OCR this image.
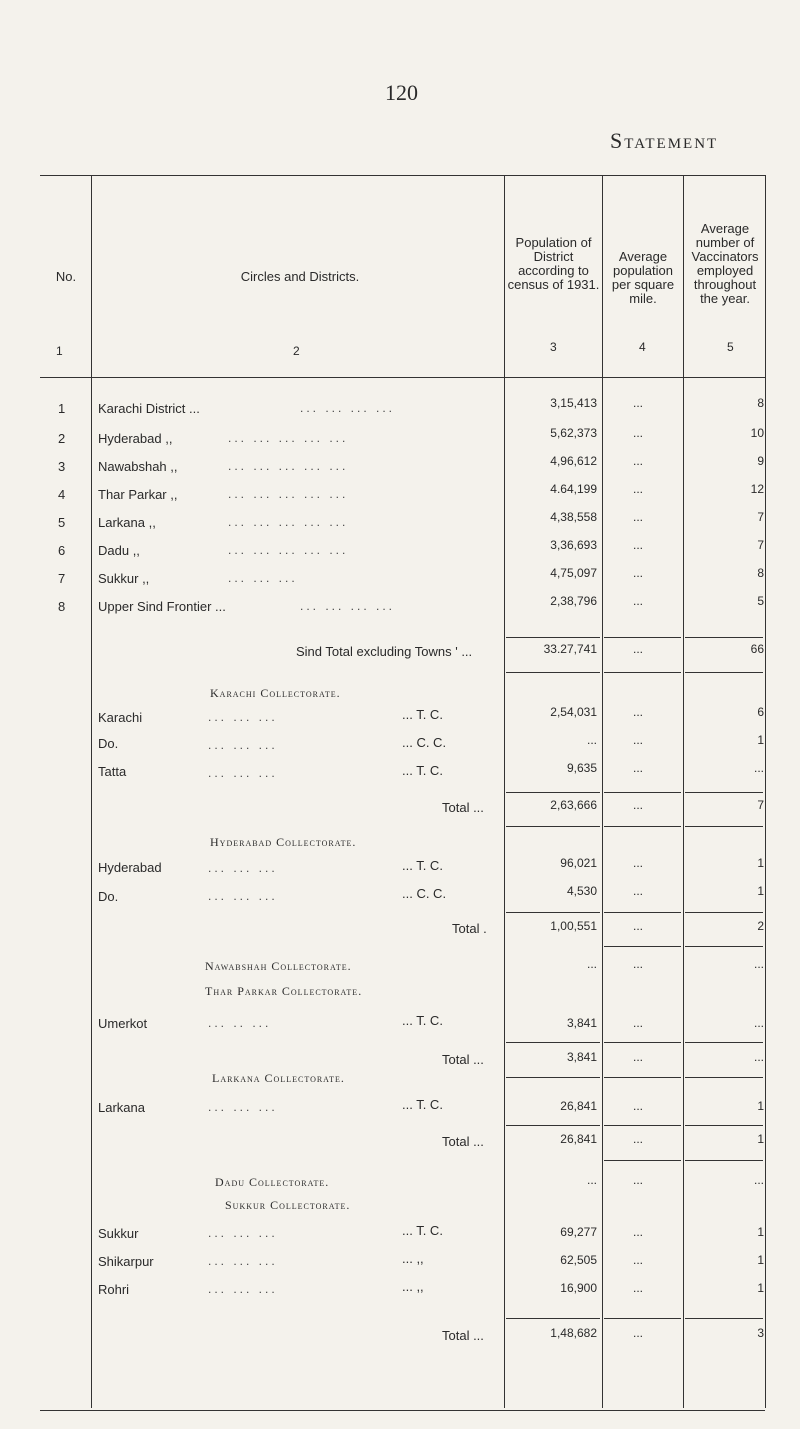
120
Statement
No.	Circles and Districts.
Population of District according to census of 1931.
Average population per square mile.
Average number of Vaccinators employed throughout the year.
1	2	3	4	5
1	Karachi District ...	... ... ... ...	3,15,413	...	8
2	Hyderabad ,,	... ... ... ... ...	5,62,373	...	10
3	Nawabshah ,,	... ... ... ... ...	4,96,612	...	9
4	Thar Parkar ,,	... ... ... ... ...	4.64,199	...	12
5	Larkana ,,	... ... ... ... ...	4,38,558	...	7
6	Dadu ,,	... ... ... ... ...	3,36,693	...	7
7	Sukkur ,,	... ... ...	4,75,097	...	8
8	Upper Sind Frontier ...	... ... ... ...	2,38,796	...	5
Sind Total excluding Towns ' ...	33.27,741	...	66
Karachi Collectorate.
Karachi	... ... ...	... T. C.	2,54,031	...	6
Do.	... ... ...	... C. C.	...	...	1
Tatta	... ... ...	... T. C.	9,635	...	...
Total ...	2,63,666	...	7
Hyderabad Collectorate.
Hyderabad	... ... ...	... T. C.	96,021	...	1
Do.	... ... ...	... C. C.	4,530	...	1
Total .	1,00,551	...	2
Nawabshah Collectorate.	...	...	...
Thar Parkar Collectorate.
Umerkot	... .. ...	... T. C.	3,841	...	...
Total ...	3,841	...	...
Larkana Collectorate.
Larkana	... ... ...	... T. C.	26,841	...	1
Total ...	26,841	...	1
Dadu Collectorate.	...	...	...
Sukkur Collectorate.
Sukkur	... ... ...	... T. C.	69,277	...	1
Shikarpur	... ... ...	... ,,	62,505	...	1
Rohri	... ... ...	... ,,	16,900	...	1
Total ...	1,48,682	...	3
